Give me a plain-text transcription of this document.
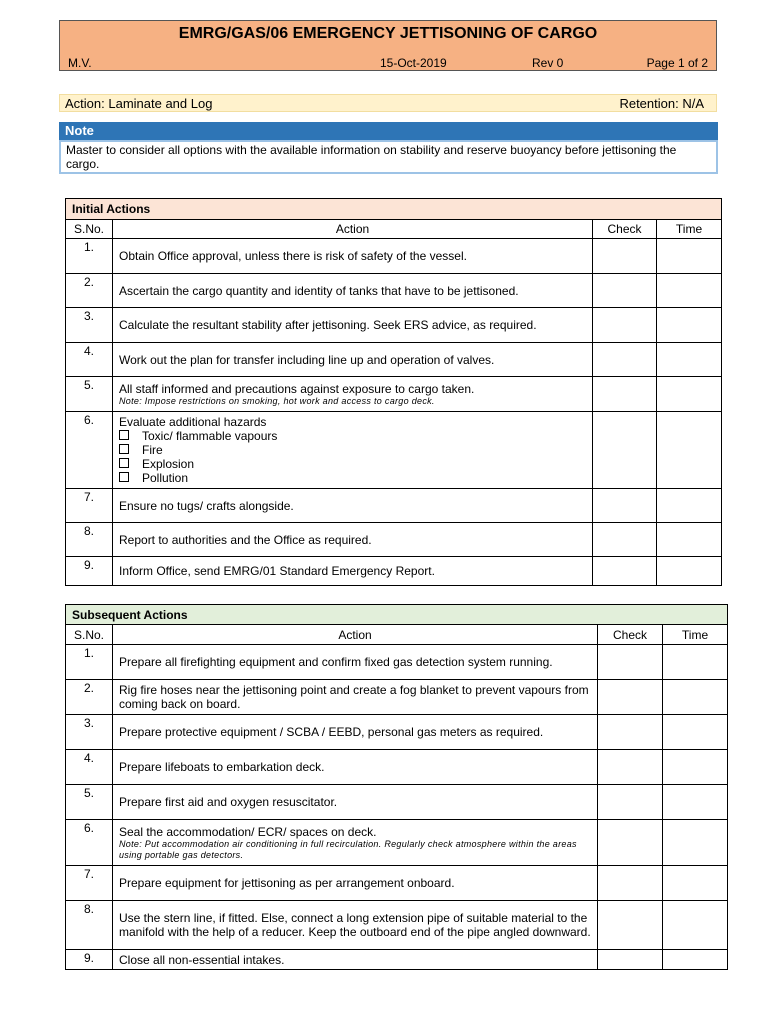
EMRG/GAS/06 EMERGENCY JETTISONING OF CARGO
M.V.	15-Oct-2019	Rev 0	Page 1 of 2
Action: Laminate and Log	Retention: N/A
Note
Master to consider all options with the available information on stability and reserve buoyancy before jettisoning the cargo.
Initial Actions			
S.No.	Action	Check	Time
1.	Obtain Office approval, unless there is risk of safety of the vessel.		

2.	Ascertain the cargo quantity and identity of tanks that have to be jettisoned.		

3.	Calculate the resultant stability after jettisoning. Seek ERS advice, as required.		

4.	Work out the plan for transfer including line up and operation of valves.		

5.	All staff informed and precautions against exposure to cargo taken.
Note: Impose restrictions on smoking, hot work and access to cargo deck.		

6.	Evaluate additional hazards
Toxic/ flammable vapours
Fire
Explosion
Pollution		

7.	Ensure no tugs/ crafts alongside.		

8.	Report to authorities and the Office as required.		

9.	Inform Office, send EMRG/01 Standard Emergency Report.		

Subsequent Actions			
S.No.	Action	Check	Time
1.	Prepare all firefighting equipment and confirm fixed gas detection system running.		

2.	Rig fire hoses near the jettisoning point and create a fog blanket to prevent vapours from coming back on board.		

3.	Prepare protective equipment / SCBA / EEBD, personal gas meters as required.		

4.	Prepare lifeboats to embarkation deck.		

5.	Prepare first aid and oxygen resuscitator.		

6.	Seal the accommodation/ ECR/ spaces on deck.
Note: Put accommodation air conditioning in full recirculation. Regularly check atmosphere within the areas using portable gas detectors.		

7.	Prepare equipment for jettisoning as per arrangement onboard.		

8.	Use the stern line, if fitted. Else, connect a long extension pipe of suitable material to the manifold with the help of a reducer. Keep the outboard end of the pipe angled downward.		

9.	Close all non-essential intakes.		
